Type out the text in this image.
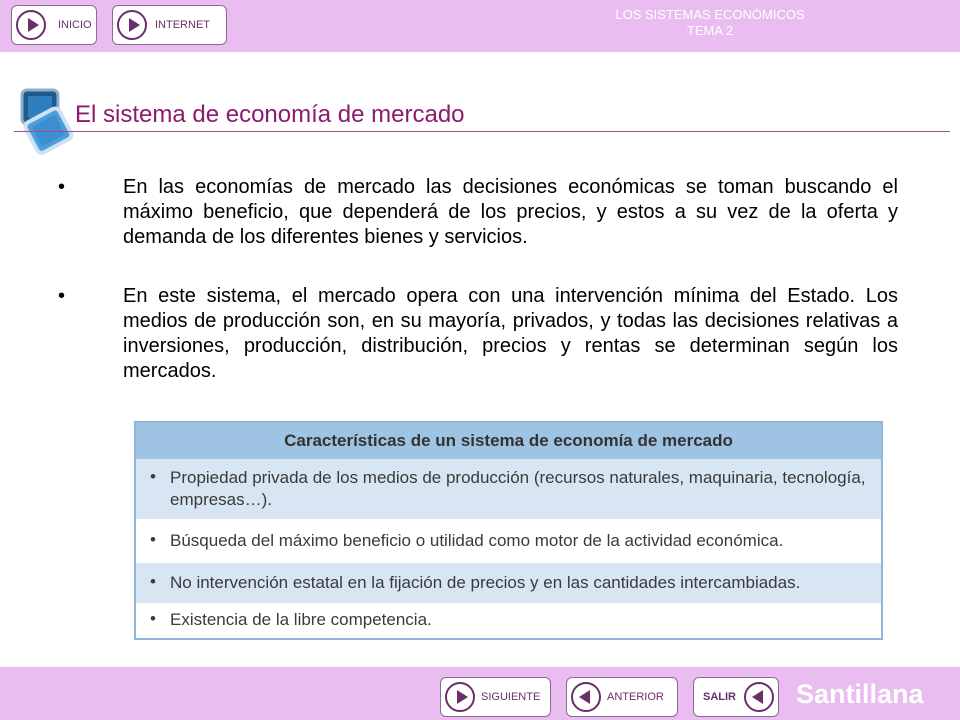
INICIO	INTERNET
LOS SISTEMAS ECONÓMICOS
TEMA 2
El sistema de economía de mercado
•	En las economías de mercado las decisiones económicas se toman buscando el máximo beneficio, que dependerá de los precios, y estos a su vez de la oferta y demanda de los diferentes bienes y servicios.
•	En este sistema, el mercado opera con una intervención mínima del Estado. Los medios de producción son, en su mayoría, privados, y todas las decisiones relativas a inversiones, producción, distribución, precios y rentas se determinan según los mercados.
Características de un sistema de economía de mercado
• Propiedad privada de los medios de producción (recursos naturales, maquinaria, tecnología, empresas…).
• Búsqueda del máximo beneficio o utilidad como motor de la actividad económica.
• No intervención estatal en la fijación de precios y en las cantidades intercambiadas.
• Existencia de la libre competencia.
SIGUIENTE	ANTERIOR	SALIR Santillana
